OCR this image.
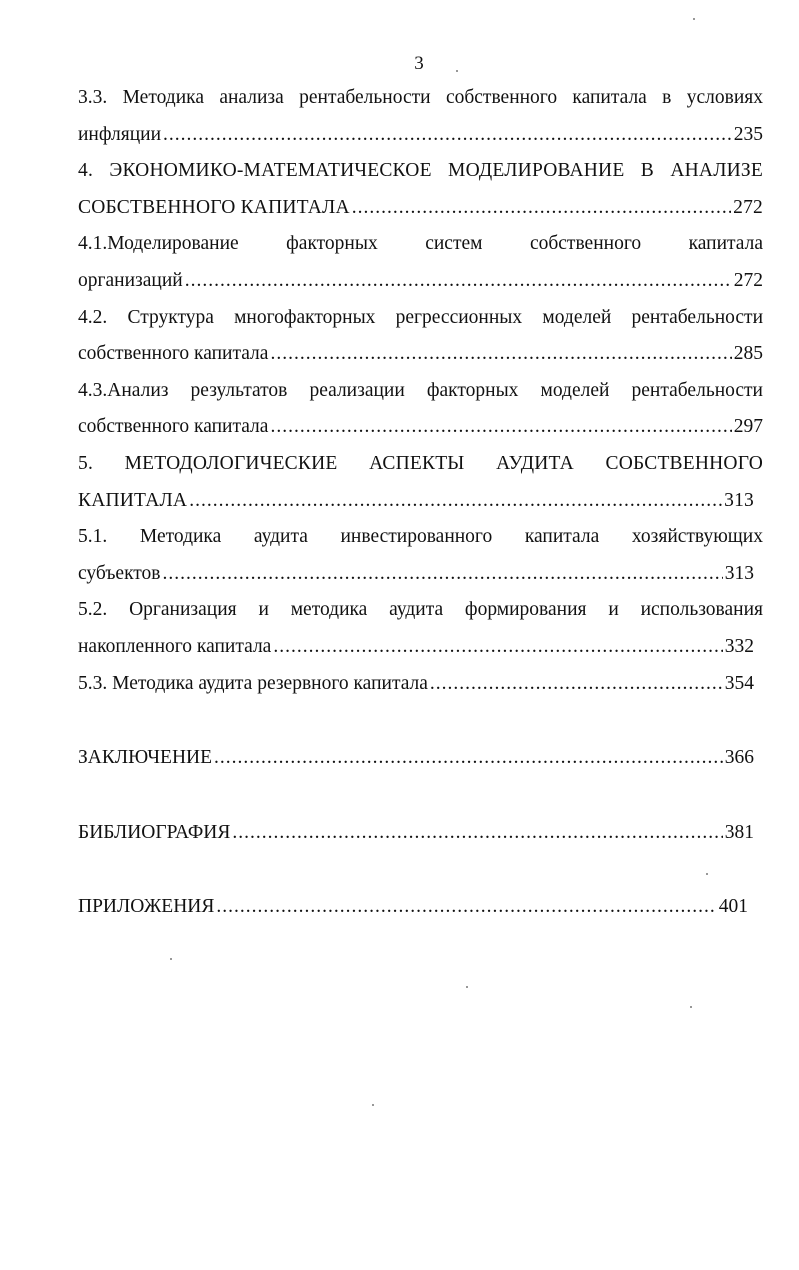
3
3.3. Методика анализа рентабельности собственного капитала в условиях
инфляции .....	235
4. ЭКОНОМИКО-МАТЕМАТИЧЕСКОЕ МОДЕЛИРОВАНИЕ В АНАЛИЗЕ
СОБСТВЕННОГО КАПИТАЛА .....	272
4.1.Моделирование факторных систем собственного капитала
организаций .....	272
4.2. Структура многофакторных регрессионных моделей рентабельности
собственного капитала .....	285
4.3.Анализ результатов реализации факторных моделей рентабельности
собственного капитала .....	297
5. МЕТОДОЛОГИЧЕСКИЕ АСПЕКТЫ АУДИТА СОБСТВЕННОГО
КАПИТАЛА .....	313
5.1. Методика аудита инвестированного капитала хозяйствующих
субъектов .....	313
5.2. Организация и методика аудита формирования и использования
накопленного капитала .....	332
5.3. Методика аудита резервного капитала .....	354
ЗАКЛЮЧЕНИЕ .....	366
БИБЛИОГРАФИЯ .....	381
ПРИЛОЖЕНИЯ .....	401
